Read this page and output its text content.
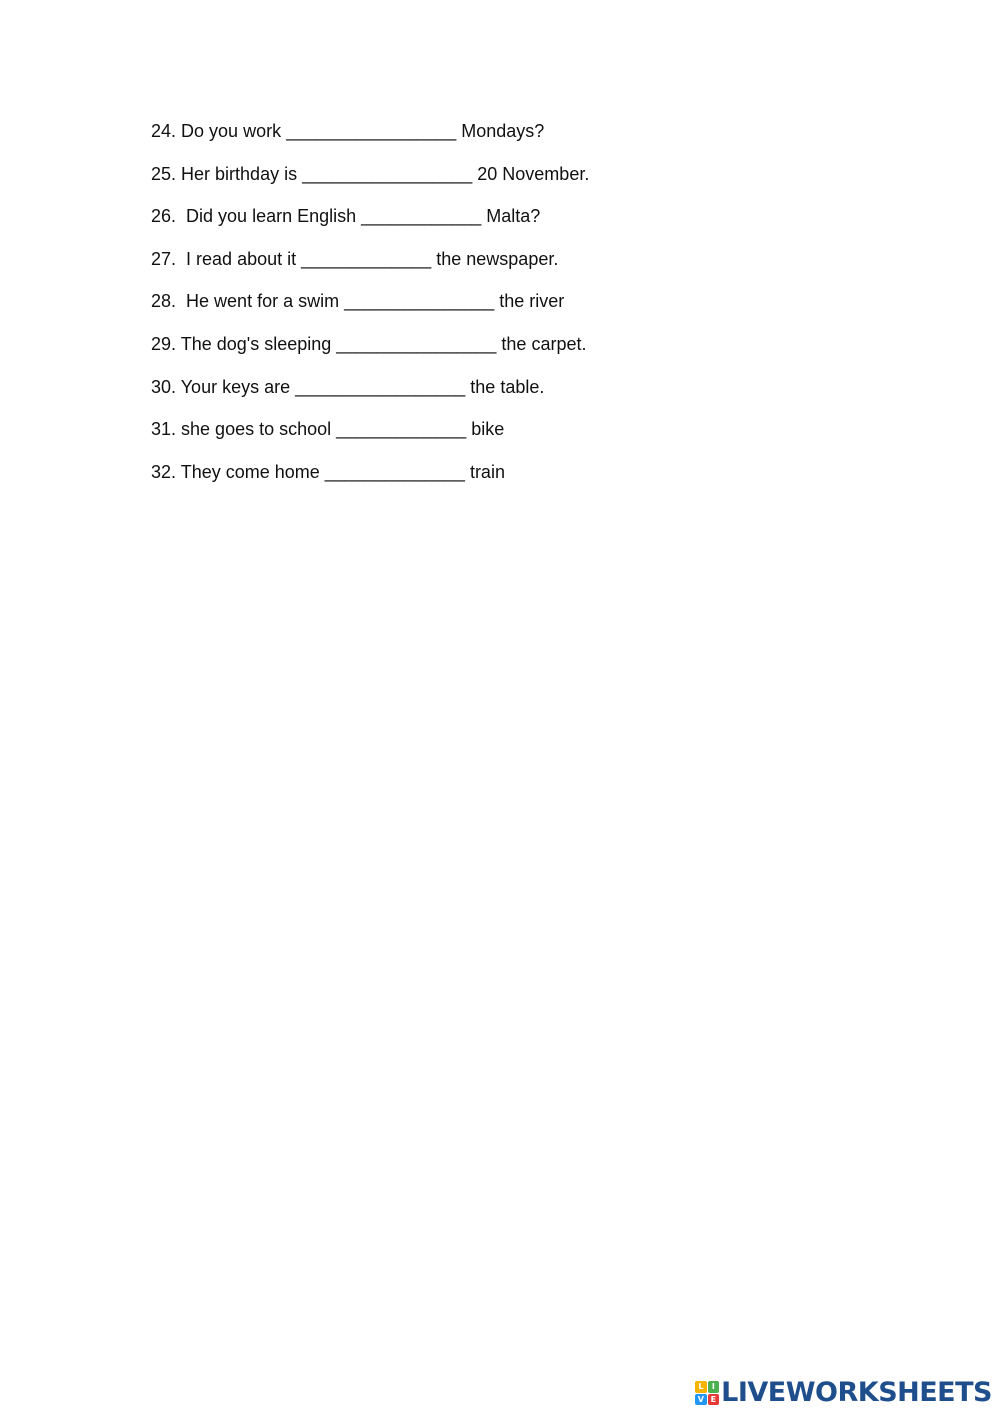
24. Do you work _________________ Mondays?
25. Her birthday is _________________ 20 November.
26. Did you learn English ____________ Malta?
27. I read about it _____________ the newspaper.
28. He went for a swim _______________ the river
29. The dog's sleeping ________________ the carpet.
30. Your keys are _________________ the table.
31. she goes to school _____________ bike
32. They come home ______________ train
L	I
V E LIVEWORKSHEETS
